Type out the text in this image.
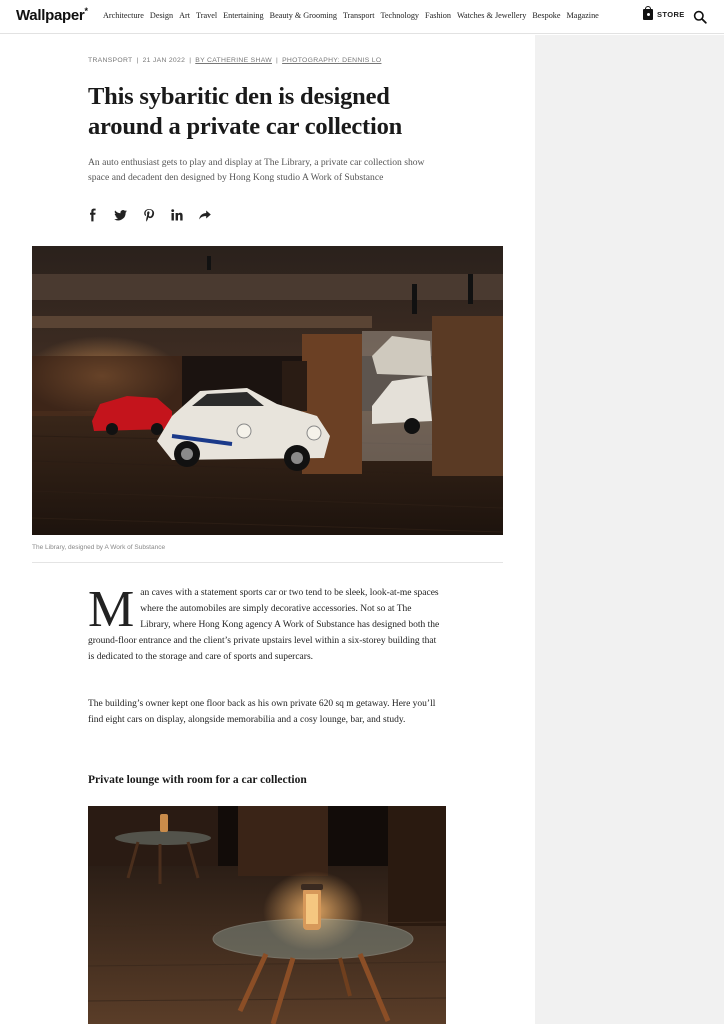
Wallpaper* Architecture Design Art Travel Entertaining Beauty & Grooming Transport Technology Fashion Watches & Jewellery Bespoke Magazine	STORE
TRANSPORT | 21 JAN 2022 | BY CATHERINE SHAW | PHOTOGRAPHY: DENNIS LO
This sybaritic den is designed around a private car collection

An auto enthusiast gets to play and display at The Library, a private car collection show space and decadent den designed by Hong Kong studio A Work of Substance

The Library, designed by A Work of Substance
Man caves with a statement sports car or two tend to be sleek, look-at-me spaces where the automobiles are simply decorative accessories. Not so at The Library, where Hong Kong agency A Work of Substance has designed both the ground-floor entrance and the client’s private upstairs level within a six-storey building that is dedicated to the storage and care of sports and supercars.

The building’s owner kept one floor back as his own private 620 sq m getaway. Here you’ll find eight cars on display, alongside memorabilia and a cosy lounge, bar, and study.

Private lounge with room for a car collection
